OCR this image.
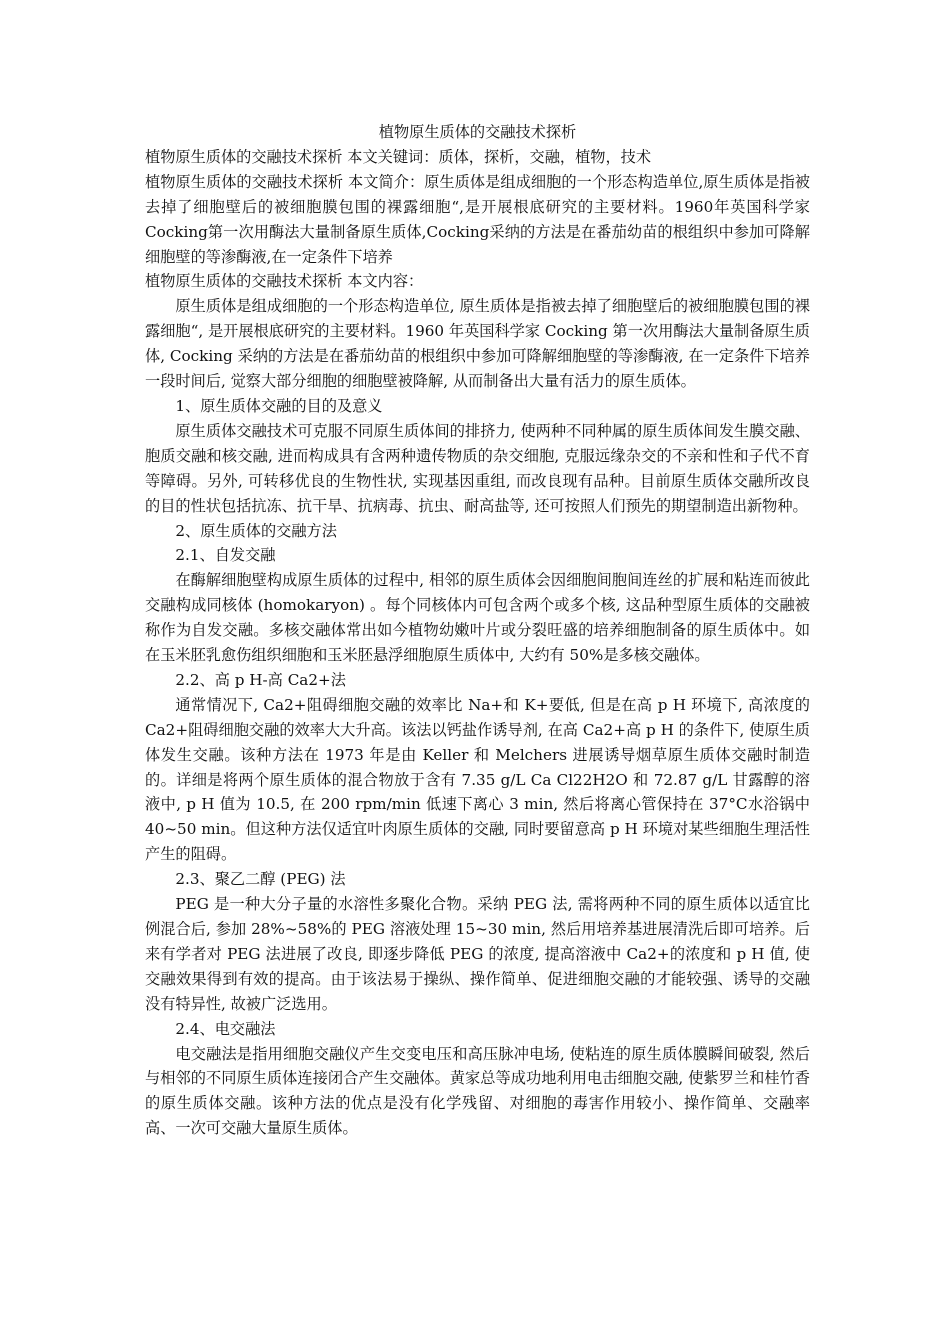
植物原生质体的交融技术探析

植物原生质体的交融技术探析 本文关键词：质体，探析，交融，植物，技术

植物原生质体的交融技术探析 本文简介：原生质体是组成细胞的一个形态构造单位,原生质体是指被去掉了细胞壁后的被细胞膜包围的裸露细胞“,是开展根底研究的主要材料。1960年英国科学家Cocking第一次用酶法大量制备原生质体,Cocking采纳的方法是在番茄幼苗的根组织中参加可降解细胞壁的等渗酶液,在一定条件下培养

植物原生质体的交融技术探析 本文内容：

原生质体是组成细胞的一个形态构造单位, 原生质体是指被去掉了细胞壁后的被细胞膜包围的裸露细胞“, 是开展根底研究的主要材料。1960 年英国科学家 Cocking 第一次用酶法大量制备原生质体, Cocking 采纳的方法是在番茄幼苗的根组织中参加可降解细胞壁的等渗酶液, 在一定条件下培养一段时间后, 觉察大部分细胞的细胞壁被降解, 从而制备出大量有活力的原生质体。

1、原生质体交融的目的及意义

原生质体交融技术可克服不同原生质体间的排挤力, 使两种不同种属的原生质体间发生膜交融、胞质交融和核交融, 进而构成具有含两种遗传物质的杂交细胞, 克服远缘杂交的不亲和性和子代不育等障碍。另外, 可转移优良的生物性状, 实现基因重组, 而改良现有品种。目前原生质体交融所改良的目的性状包括抗冻、抗干旱、抗病毒、抗虫、耐高盐等, 还可按照人们预先的期望制造出新物种。

2、原生质体的交融方法

2.1、自发交融

在酶解细胞壁构成原生质体的过程中, 相邻的原生质体会因细胞间胞间连丝的扩展和粘连而彼此交融构成同核体 (homokaryon) 。每个同核体内可包含两个或多个核, 这品种型原生质体的交融被称作为自发交融。多核交融体常出如今植物幼嫩叶片或分裂旺盛的培养细胞制备的原生质体中。如在玉米胚乳愈伤组织细胞和玉米胚悬浮细胞原生质体中, 大约有 50%是多核交融体。

2.2、高 p H-高 Ca2+法

通常情况下, Ca2+阻碍细胞交融的效率比 Na+和 K+要低, 但是在高 p H 环境下, 高浓度的 Ca2+阻碍细胞交融的效率大大升高。该法以钙盐作诱导剂, 在高 Ca2+高 p H 的条件下, 使原生质体发生交融。该种方法在 1973 年是由 Keller 和 Melchers 进展诱导烟草原生质体交融时制造的。详细是将两个原生质体的混合物放于含有 7.35 g/L Ca Cl22H2O 和 72.87 g/L 甘露醇的溶液中, p H 值为 10.5, 在 200 rpm/min 低速下离心 3 min, 然后将离心管保持在 37°C水浴锅中 40~50 min。但这种方法仅适宜叶肉原生质体的交融, 同时要留意高 p H 环境对某些细胞生理活性产生的阻碍。

2.3、聚乙二醇 (PEG) 法

PEG 是一种大分子量的水溶性多聚化合物。采纳 PEG 法, 需将两种不同的原生质体以适宜比例混合后, 参加 28%~58%的 PEG 溶液处理 15~30 min, 然后用培养基进展清洗后即可培养。后来有学者对 PEG 法进展了改良, 即逐步降低 PEG 的浓度, 提高溶液中 Ca2+的浓度和 p H 值, 使交融效果得到有效的提高。由于该法易于操纵、操作简单、促进细胞交融的才能较强、诱导的交融没有特异性, 故被广泛选用。

2.4、电交融法

电交融法是指用细胞交融仪产生交变电压和高压脉冲电场, 使粘连的原生质体膜瞬间破裂, 然后与相邻的不同原生质体连接闭合产生交融体。黄家总等成功地利用电击细胞交融, 使紫罗兰和桂竹香的原生质体交融。该种方法的优点是没有化学残留、对细胞的毒害作用较小、操作简单、交融率高、一次可交融大量原生质体。
